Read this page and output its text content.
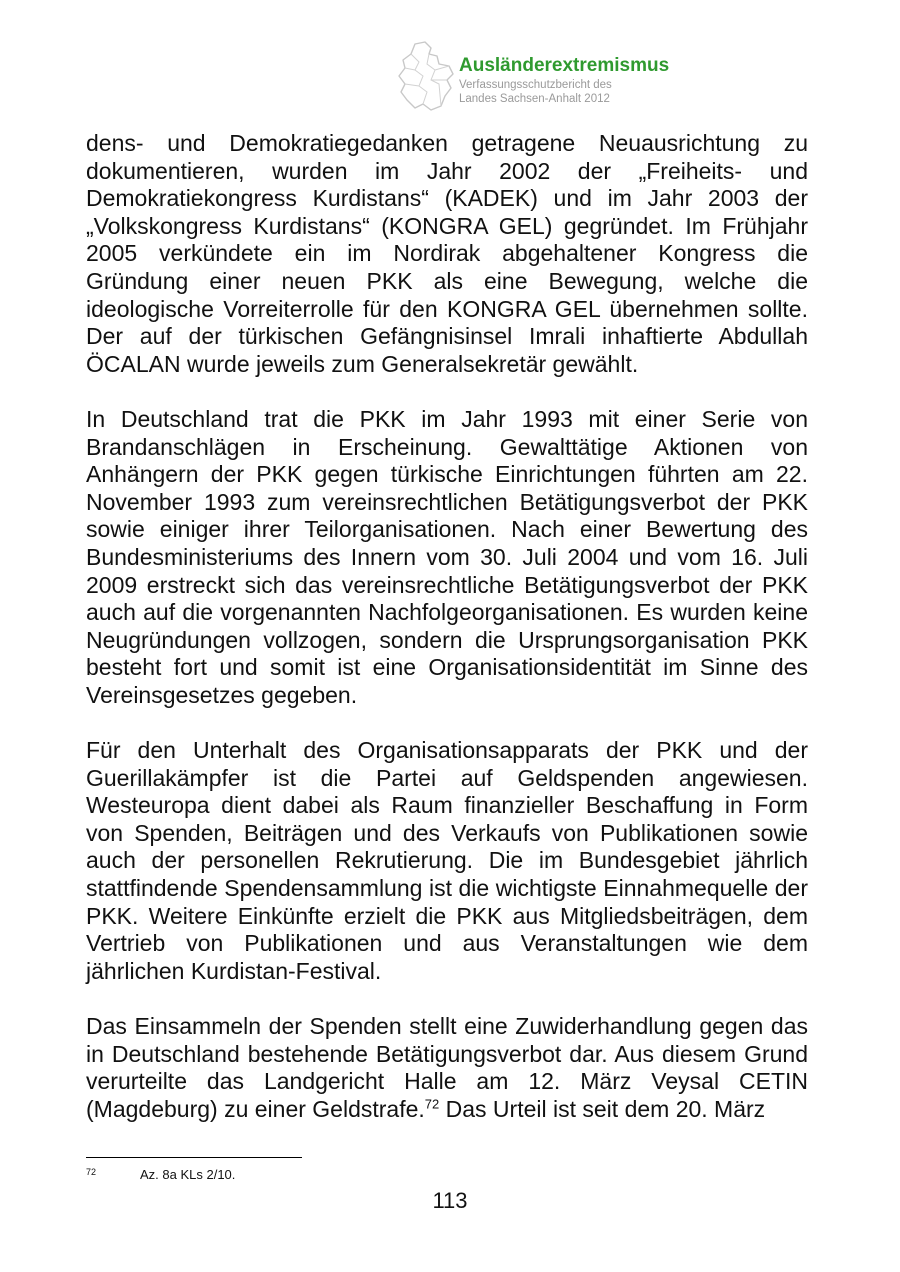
Ausländerextremismus
Verfassungsschutzbericht des
Landes Sachsen-Anhalt 2012

dens- und Demokratiegedanken getragene Neuausrichtung zu dokumentieren, wurden im Jahr 2002 der „Freiheits- und Demokratiekongress Kurdistans“ (KADEK) und im Jahr 2003 der „Volkskongress Kurdistans“ (KONGRA GEL) gegründet. Im Frühjahr 2005 verkündete ein im Nordirak abgehaltener Kongress die Gründung einer neuen PKK als eine Bewegung, welche die ideologische Vorreiterrolle für den KONGRA GEL übernehmen sollte. Der auf der türkischen Gefängnisinsel Imrali inhaftierte Abdullah ÖCALAN wurde jeweils zum Generalsekretär gewählt.

In Deutschland trat die PKK im Jahr 1993 mit einer Serie von Brandanschlägen in Erscheinung. Gewalttätige Aktionen von Anhängern der PKK gegen türkische Einrichtungen führten am 22. November 1993 zum vereinsrechtlichen Betätigungsverbot der PKK sowie einiger ihrer Teilorganisationen. Nach einer Bewertung des Bundesministeriums des Innern vom 30. Juli 2004 und vom 16. Juli 2009 erstreckt sich das vereinsrechtliche Betätigungsverbot der PKK auch auf die vorgenannten Nachfolgeorganisationen. Es wurden keine Neugründungen vollzogen, sondern die Ursprungsorganisation PKK besteht fort und somit ist eine Organisationsidentität im Sinne des Vereinsgesetzes gegeben.

Für den Unterhalt des Organisationsapparats der PKK und der Guerillakämpfer ist die Partei auf Geldspenden angewiesen. Westeuropa dient dabei als Raum finanzieller Beschaffung in Form von Spenden, Beiträgen und des Verkaufs von Publikationen sowie auch der personellen Rekrutierung. Die im Bundesgebiet jährlich stattfindende Spendensammlung ist die wichtigste Einnahmequelle der PKK. Weitere Einkünfte erzielt die PKK aus Mitgliedsbeiträgen, dem Vertrieb von Publikationen und aus Veranstaltungen wie dem jährlichen Kurdistan-Festival.

Das Einsammeln der Spenden stellt eine Zuwiderhandlung gegen das in Deutschland bestehende Betätigungsverbot dar. Aus diesem Grund verurteilte das Landgericht Halle am 12. März Veysal CETIN (Magdeburg) zu einer Geldstrafe.$^{72}$ Das Urteil ist seit dem 20. März

72	Az. 8a KLs 2/10.
113
